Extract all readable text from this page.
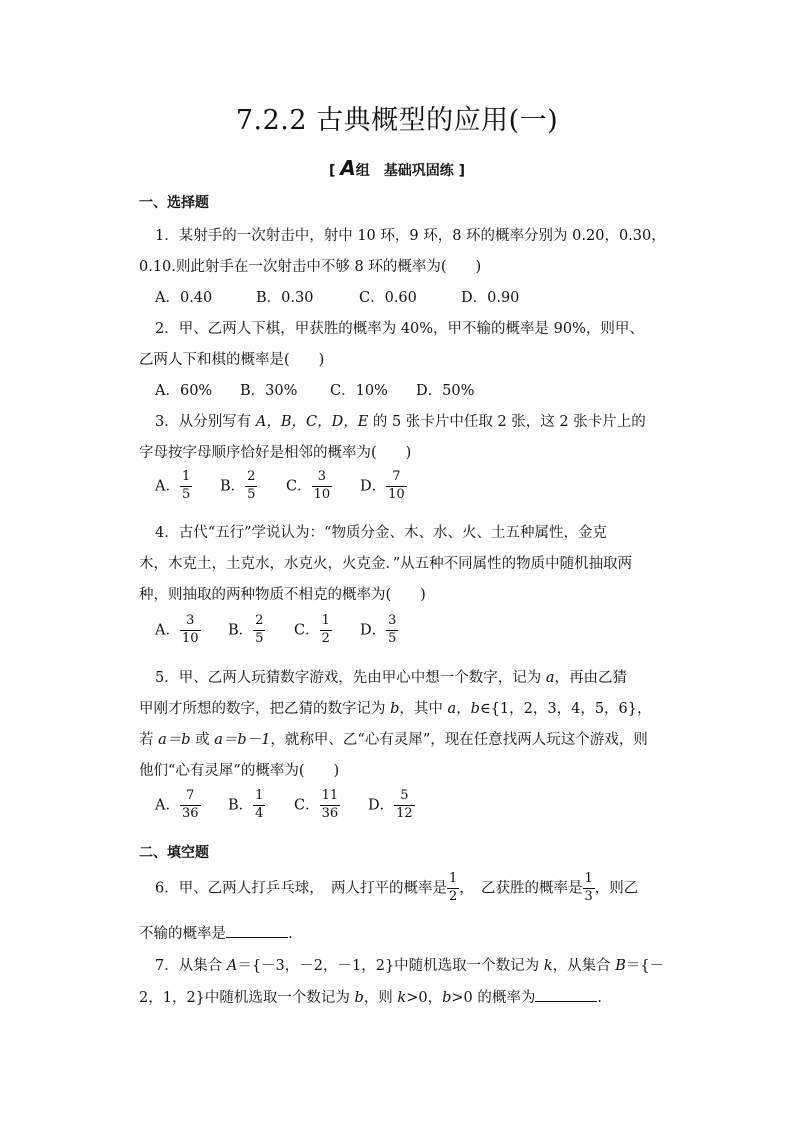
7.2.2 古典概型的应用(一)
[ A组　基础巩固练 ]
一、选择题
1．某射手的一次射击中，射中 10 环，9 环，8 环的概率分别为 0.20，0.30，
0.10.则此射手在一次射击中不够 8 环的概率为(　　)
A．0.40	B．0.30	C．0.60	D．0.90
2．甲、乙两人下棋，甲获胜的概率为 40%，甲不输的概率是 90%，则甲、
乙两人下和棋的概率是(　　)
A．60% B．30% C．10% D．50%
3．从分别写有 A，B，C，D，E 的 5 张卡片中任取 2 张，这 2 张卡片上的
字母按字母顺序恰好是相邻的概率为(　　)
A． $\frac{1}{5}$ B． $\frac{2}{5}$ C． $\frac{3}{10}$ D． $\frac{7}{10}$
4．古代“五行”学说认为：“物质分金、木、水、火、土五种属性，金克
木，木克土，土克水，水克火，火克金．”从五种不同属性的物质中随机抽取两
种，则抽取的两种物质不相克的概率为(　　)
A． $\frac{3}{10}$ B． $\frac{2}{5}$ C． $\frac{1}{2}$ D． $\frac{3}{5}$
5．甲、乙两人玩猜数字游戏，先由甲心中想一个数字，记为 a，再由乙猜
甲刚才所想的数字，把乙猜的数字记为 b，其中 a，b∈{1，2，3，4，5，6}，
若 a＝b 或 a＝b－1，就称甲、乙“心有灵犀”，现在任意找两人玩这个游戏，则
他们“心有灵犀”的概率为(　　)
A． $\frac{7}{36}$ B． $\frac{1}{4}$ C． $\frac{11}{36}$ D． $\frac{5}{12}$
二、填空题
6．甲、乙两人打乒乓球，　两人打平的概率是 $\frac{1}{2}$ ，　乙获胜的概率是 $\frac{1}{3}$ ，则乙
不输的概率是	.
7．从集合 A＝{－3，－2，－1，2}中随机选取一个数记为 k，从集合 B＝{－
2，1，2}中随机选取一个数记为 b，则 k>0，b>0 的概率为	.
